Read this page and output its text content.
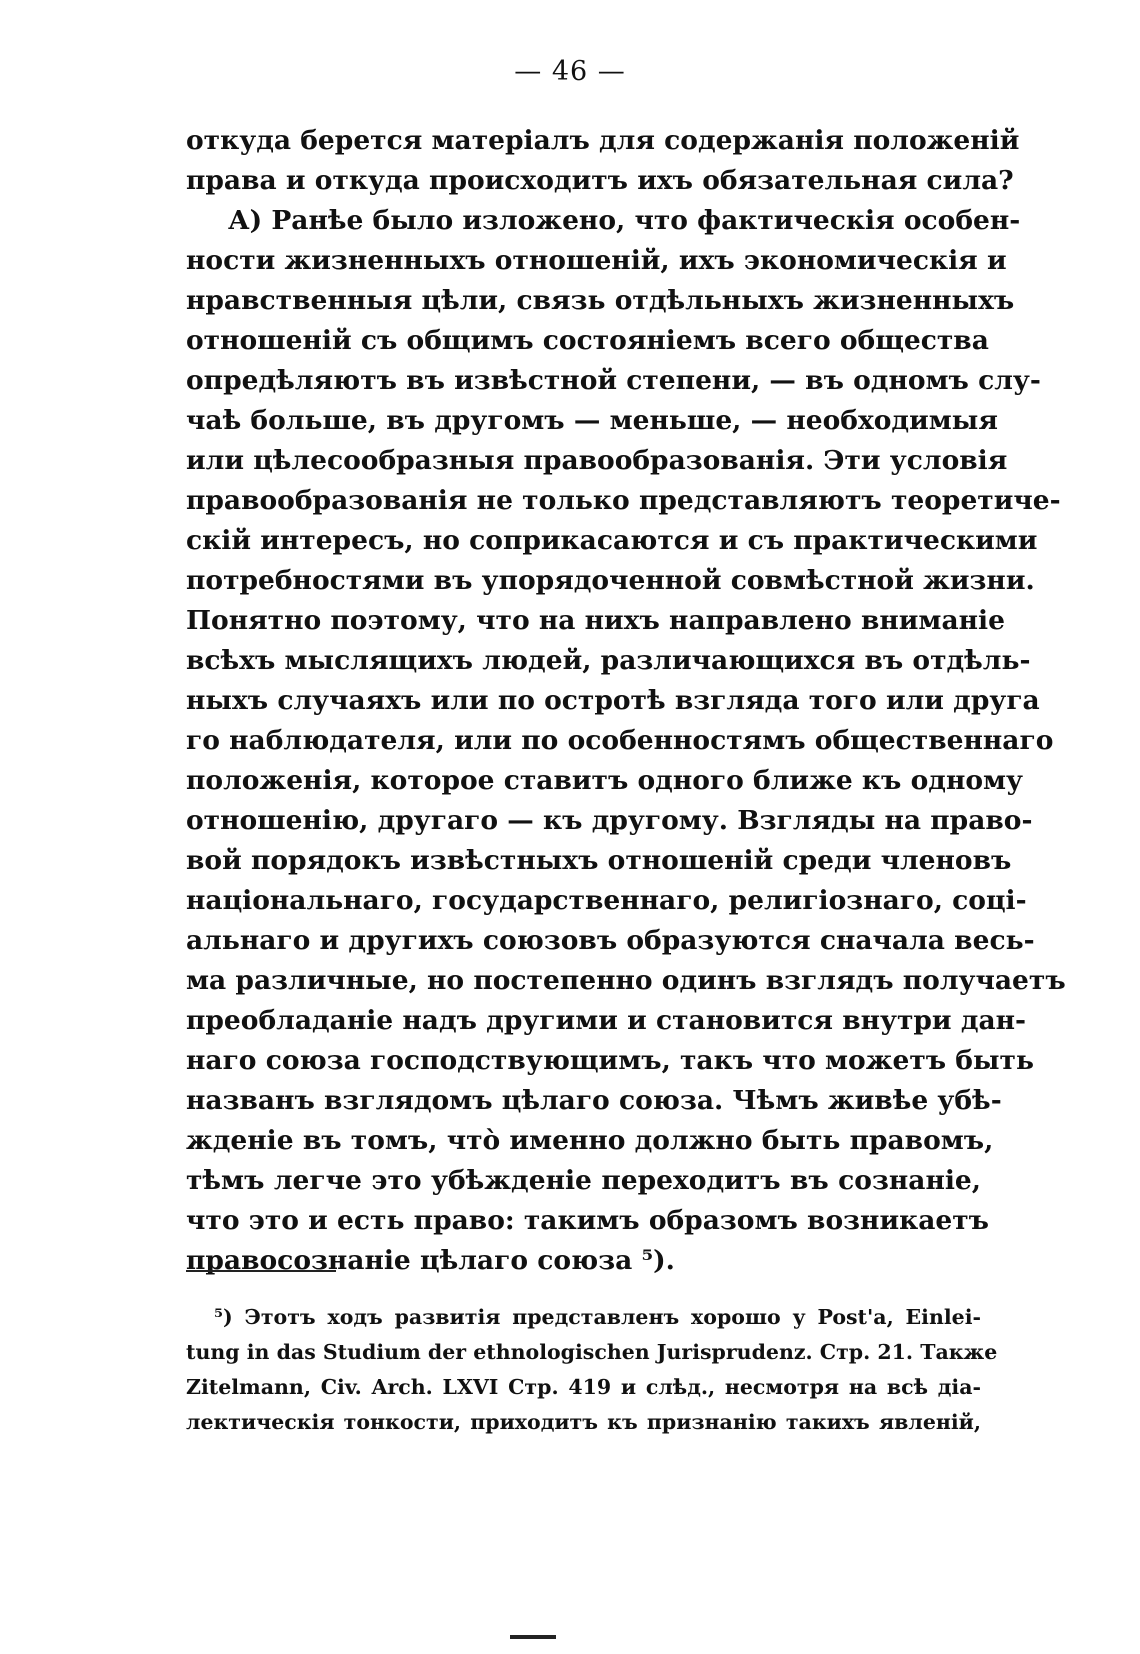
— 46 —
откуда берется матеріалъ для содержанія положеній
права и откуда происходитъ ихъ обязательная сила?
А) Ранѣе было изложено, что фактическія особен-
ности жизненныхъ отношеній, ихъ экономическія и
нравственныя цѣли, связь отдѣльныхъ жизненныхъ
отношеній съ общимъ состояніемъ всего общества
опредѣляютъ въ извѣстной степени, — въ одномъ слу-
чаѣ больше, въ другомъ — меньше, — необходимыя
или цѣлесообразныя правообразованія. Эти условія
правообразованія не только представляютъ теоретиче-
скій интересъ, но соприкасаются и съ практическими
потребностями въ упорядоченной совмѣстной жизни.
Понятно поэтому, что на нихъ направлено вниманіе
всѣхъ мыслящихъ людей, различающихся въ отдѣль-
ныхъ случаяхъ или по остротѣ взгляда того или друга
го наблюдателя, или по особенностямъ общественнаго
положенія, которое ставитъ одного ближе къ одному
отношенію, другаго — къ другому. Взгляды на право-
вой порядокъ извѣстныхъ отношеній среди членовъ
національнаго, государственнаго, религіознаго, соці-
альнаго и другихъ союзовъ образуются сначала весь-
ма различные, но постепенно одинъ взглядъ получаетъ
преобладаніе надъ другими и становится внутри дан-
наго союза господствующимъ, такъ что можетъ быть
названъ взглядомъ цѣлаго союза. Чѣмъ живѣе убѣ-
жденіе въ томъ, что̀ именно должно быть правомъ,
тѣмъ легче это убѣжденіе переходитъ въ сознаніе,
что это и есть право: такимъ образомъ возникаетъ
правосознаніе цѣлаго союза ⁵).
⁵) Этотъ ходъ развитія представленъ хорошо у Post'a, Einlei-
tung in das Studium der ethnologischen Jurisprudenz. Стр. 21. Также
Zitelmann, Civ. Arch. LXVI Стр. 419 и слѣд., несмотря на всѣ діа-
лектическія тонкости, приходитъ къ признанію такихъ явленій,
